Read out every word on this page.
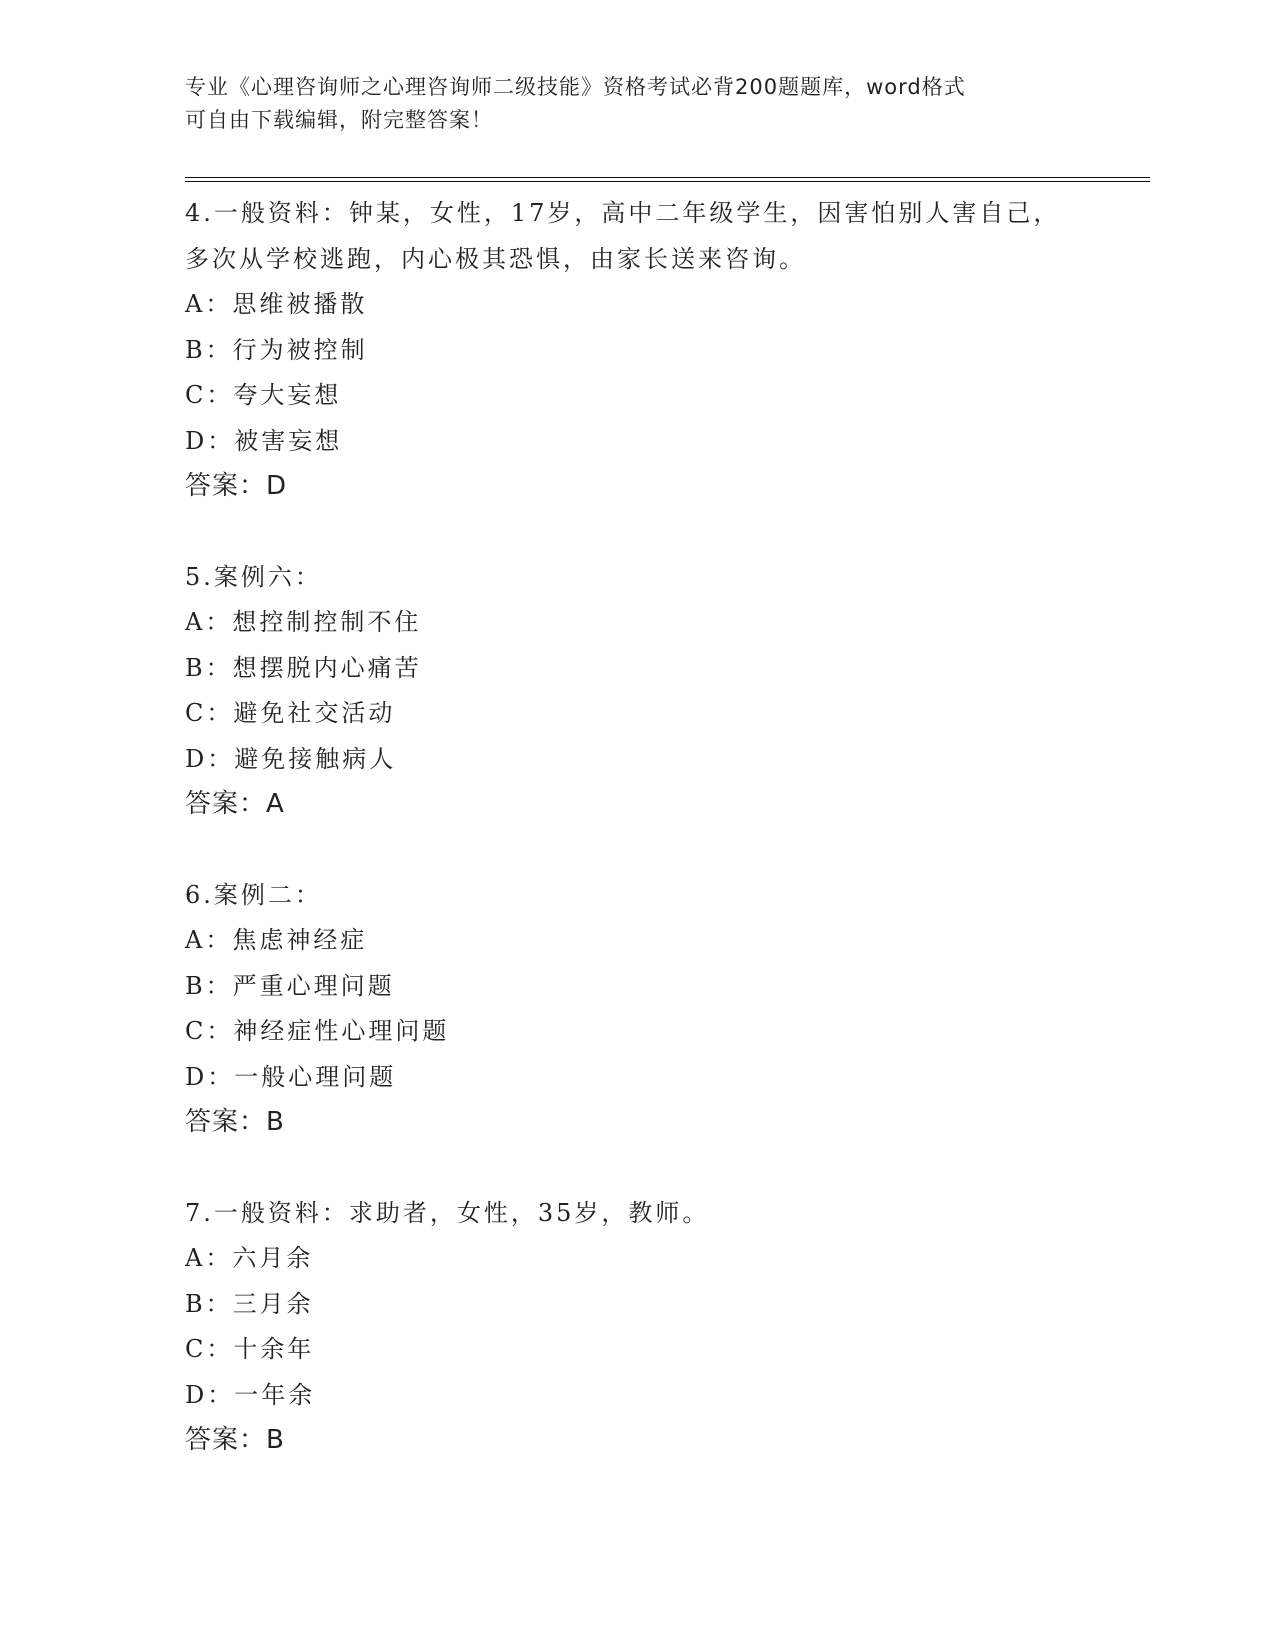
专业《心理咨询师之心理咨询师二级技能》资格考试必背200题题库，word格式
可自由下载编辑，附完整答案！

4.一般资料：钟某，女性，17岁，高中二年级学生，因害怕别人害自己，多次从学校逃跑，内心极其恐惧，由家长送来咨询。

A：思维被播散

B：行为被控制

C：夸大妄想

D：被害妄想

答案：D

5.案例六：

A：想控制控制不住

B：想摆脱内心痛苦

C：避免社交活动

D：避免接触病人

答案：A

6.案例二：

A：焦虑神经症

B：严重心理问题

C：神经症性心理问题

D：一般心理问题

答案：B

7.一般资料：求助者，女性，35岁，教师。

A：六月余

B：三月余

C：十余年

D：一年余

答案：B
